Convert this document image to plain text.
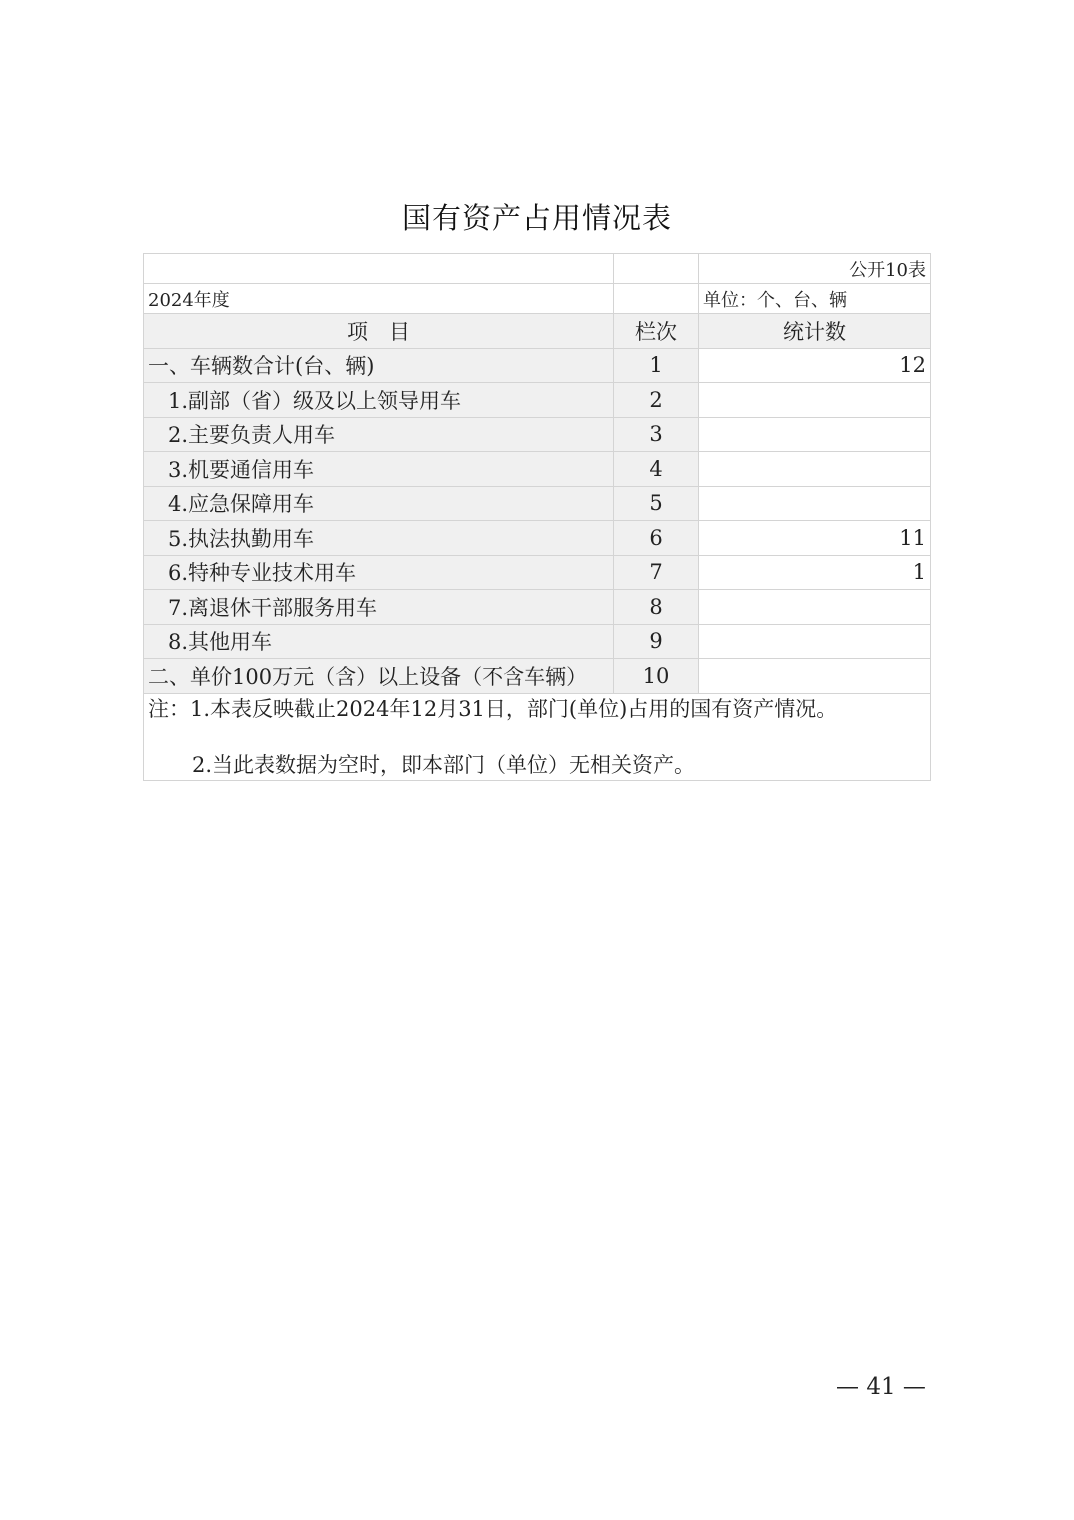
国有资产占用情况表
		公开10表
2024年度		单位：个、台、辆
项　目	栏次	统计数
一、车辆数合计(台、辆)	1	12
1.副部（省）级及以上领导用车	2	
2.主要负责人用车	3	
3.机要通信用车	4	
4.应急保障用车	5	
5.执法执勤用车	6	11
6.特种专业技术用车	7	1
7.离退休干部服务用车	8	
8.其他用车	9	
二、单价100万元（含）以上设备（不含车辆）	10	

注：1.本表反映截止2024年12月31日，部门(单位)占用的国有资产情况。
2.当此表数据为空时，即本部门（单位）无相关资产。		
— 41 —
